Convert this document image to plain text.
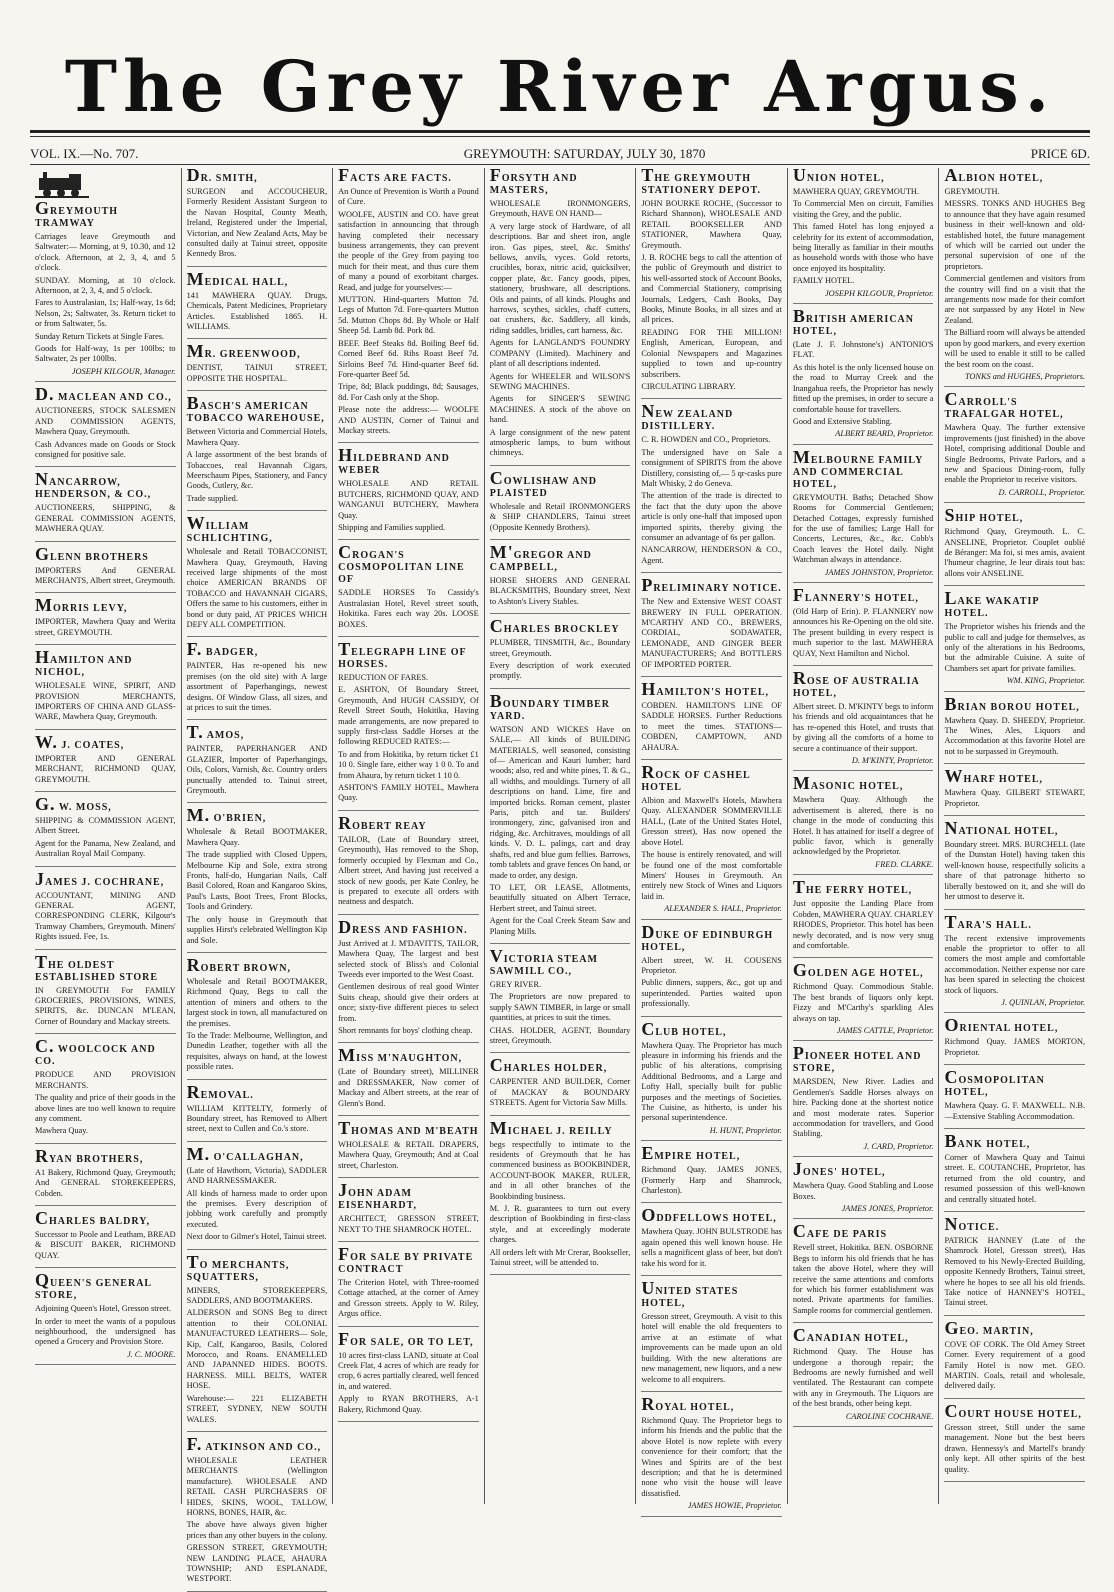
The Grey River Argus.
VOL. IX.—No. 707.	GREYMOUTH: SATURDAY, JULY 30, 1870	PRICE 6D.
GREYMOUTH TRAMWAY

Carriages leave Greymouth and Saltwater:— Morning, at 9, 10.30, and 12 o'clock. Afternoon, at 2, 3, 4, and 5 o'clock.

SUNDAY. Morning, at 10 o'clock. Afternoon, at 2, 3, 4, and 5 o'clock.

Fares to Australasian, 1s; Half-way, 1s 6d; Nelson, 2s; Saltwater, 3s. Return ticket to or from Saltwater, 5s.

Sunday Return Tickets at Single Fares.

Goods for Half-way, 1s per 100lbs; to Saltwater, 2s per 100lbs.

JOSEPH KILGOUR, Manager.
D. MACLEAN AND CO.,

AUCTIONEERS, STOCK SALESMEN AND COMMISSION AGENTS, Mawhera Quay, Greymouth.

Cash Advances made on Goods or Stock consigned for positive sale.

NANCARROW, HENDERSON, & CO.,

AUCTIONEERS, SHIPPING, & GENERAL COMMISSION AGENTS, MAWHERA QUAY.

GLENN BROTHERS

IMPORTERS And GENERAL MERCHANTS, Albert street, Greymouth.

MORRIS LEVY,

IMPORTER, Mawhera Quay and Werita street, GREYMOUTH.

HAMILTON AND NICHOL,

WHOLESALE WINE, SPIRIT, AND PROVISION MERCHANTS, IMPORTERS OF CHINA AND GLASS-WARE, Mawhera Quay, Greymouth.

W. J. COATES,

IMPORTER AND GENERAL MERCHANT, RICHMOND QUAY, GREYMOUTH.

G. W. MOSS,

SHIPPING & COMMISSION AGENT, Albert Street.

Agent for the Panama, New Zealand, and Australian Royal Mail Company.

JAMES J. COCHRANE,

ACCOUNTANT, MINING AND GENERAL AGENT, CORRESPONDING CLERK, Kilgour's Tramway Chambers, Greymouth. Miners' Rights issued. Fee, 1s.

THE OLDEST ESTABLISHED STORE

IN GREYMOUTH For FAMILY GROCERIES, PROVISIONS, WINES, SPIRITS, &c. DUNCAN M'LEAN, Corner of Boundary and Mackay streets.

C. WOOLCOCK AND CO.

PRODUCE AND PROVISION MERCHANTS.

The quality and price of their goods in the above lines are too well known to require any comment.

Mawhera Quay.

RYAN BROTHERS,

A1 Bakery, Richmond Quay, Greymouth; And GENERAL STOREKEEPERS, Cobden.

CHARLES BALDRY,

Successor to Poole and Leatham, BREAD & BISCUIT BAKER, RICHMOND QUAY.

QUEEN'S GENERAL STORE,

Adjoining Queen's Hotel, Gresson street.

In order to meet the wants of a populous neighbourhood, the undersigned has opened a Grocery and Provision Store.

J. C. MOORE.
DR. SMITH,

SURGEON and ACCOUCHEUR, Formerly Resident Assistant Surgeon to the Navan Hospital, County Meath, Ireland, Registered under the Imperial, Victorian, and New Zealand Acts, May be consulted daily at Tainui street, opposite Kennedy Bros.

MEDICAL HALL,

141 MAWHERA QUAY. Drugs, Chemicals, Patent Medicines, Proprietary Articles. Established 1865. H. WILLIAMS.

MR. GREENWOOD,

DENTIST, TAINUI STREET, OPPOSITE THE HOSPITAL.

BASCH'S AMERICAN TOBACCO WAREHOUSE,

Between Victoria and Commercial Hotels, Mawhera Quay.

A large assortment of the best brands of Tobaccoes, real Havannah Cigars, Meerschaum Pipes, Stationery, and Fancy Goods, Cutlery, &c.

Trade supplied.

WILLIAM SCHLICHTING,

Wholesale and Retail TOBACCONIST, Mawhera Quay, Greymouth, Having received large shipments of the most choice AMERICAN BRANDS OF TOBACCO and HAVANNAH CIGARS, Offers the same to his customers, either in bond or duty paid, AT PRICES WHICH DEFY ALL COMPETITION.

F. BADGER,

PAINTER, Has re-opened his new premises (on the old site) with A large assortment of Paperhangings, newest designs. Of Window Glass, all sizes, and at prices to suit the times.

T. AMOS,

PAINTER, PAPERHANGER AND GLAZIER, Importer of Paperhangings, Oils, Colors, Varnish, &c. Country orders punctually attended to. Tainui street, Greymouth.

M. O'BRIEN,

Wholesale & Retail BOOTMAKER, Mawhera Quay.

The trade supplied with Closed Uppers, Melbourne Kip and Sole, extra strong Fronts, half-do, Hungarian Nails, Calf Basil Colored, Roan and Kangaroo Skins, Paul's Lasts, Boot Trees, Front Blocks, Tools and Grindery.

The only house in Greymouth that supplies Hirst's celebrated Wellington Kip and Sole.

ROBERT BROWN,

Wholesale and Retail BOOTMAKER, Richmond Quay, Begs to call the attention of miners and others to the largest stock in town, all manufactured on the premises.

To the Trade: Melbourne, Wellington, and Dunedin Leather, together with all the requisites, always on hand, at the lowest possible rates.

REMOVAL.

WILLIAM KITTELTY, formerly of Boundary street, has Removed to Albert street, next to Cullen and Co.'s store.

M. O'CALLAGHAN,

(Late of Hawthorn, Victoria), SADDLER AND HARNESSMAKER.

All kinds of harness made to order upon the premises. Every description of jobbing work carefully and promptly executed.

Next door to Gilmer's Hotel, Tainui street.

TO MERCHANTS, SQUATTERS,

MINERS, STOREKEEPERS, SADDLERS, AND BOOTMAKERS.

ALDERSON and SONS Beg to direct attention to their COLONIAL MANUFACTURED LEATHERS— Sole, Kip, Calf, Kangaroo, Basils, Colored Morocco, and Roans. ENAMELLED AND JAPANNED HIDES. BOOTS. HARNESS. MILL BELTS, WATER HOSE.

Warehouse:— 221 ELIZABETH STREET, SYDNEY, NEW SOUTH WALES.

F. ATKINSON AND CO.,

WHOLESALE LEATHER MERCHANTS (Wellington manufacture). WHOLESALE AND RETAIL CASH PURCHASERS OF HIDES, SKINS, WOOL, TALLOW, HORNS, BONES, HAIR, &c.

The above have always given higher prices than any other buyers in the colony.

GRESSON STREET, GREYMOUTH; NEW LANDING PLACE, AHAURA TOWNSHIP; AND ESPLANADE, WESTPORT.

FACTS ARE FACTS.

An Ounce of Prevention is Worth a Pound of Cure.

WOOLFE, AUSTIN and CO. have great satisfaction in announcing that through having completed their necessary business arrangements, they can prevent the people of the Grey from paying too much for their meat, and thus cure them of many a pound of exorbitant charges. Read, and judge for yourselves:—

MUTTON. Hind-quarters Mutton 7d. Legs of Mutton 7d. Fore-quarters Mutton 5d. Mutton Chops 8d. By Whole or Half Sheep 5d. Lamb 8d. Pork 8d.

BEEF. Beef Steaks 8d. Boiling Beef 6d. Corned Beef 6d. Ribs Roast Beef 7d. Sirloins Beef 7d. Hind-quarter Beef 6d. Fore-quarter Beef 5d.

Tripe, 8d; Black puddings, 8d; Sausages, 8d. For Cash only at the Shop.

Please note the address:— WOOLFE AND AUSTIN, Corner of Tainui and Mackay streets.

HILDEBRAND AND WEBER

WHOLESALE AND RETAIL BUTCHERS, RICHMOND QUAY, AND WANGANUI BUTCHERY, Mawhera Quay.

Shipping and Families supplied.

CROGAN'S COSMOPOLITAN LINE OF

SADDLE HORSES To Cassidy's Australasian Hotel, Revel street south, Hokitika. Fares each way 20s. LOOSE BOXES.

TELEGRAPH LINE OF HORSES.

REDUCTION OF FARES.

E. ASHTON, Of Boundary Street, Greymouth, And HUGH CASSIDY, Of Revell Street South, Hokitika, Having made arrangements, are now prepared to supply first-class Saddle Horses at the following REDUCED RATES:—

To and from Hokitika, by return ticket £1 10 0. Single fare, either way 1 0 0. To and from Ahaura, by return ticket 1 10 0.

ASHTON'S FAMILY HOTEL, Mawhera Quay.

ROBERT REAY

TAILOR, (Late of Boundary street, Greymouth), Has removed to the Shop, formerly occupied by Flexman and Co., Albert street, And having just received a stock of new goods, per Kate Conley, he is prepared to execute all orders with neatness and despatch.

DRESS AND FASHION.

Just Arrived at J. M'DAVITTS, TAILOR, Mawhera Quay, The largest and best selected stock of Bliss's and Colonial Tweeds ever imported to the West Coast.

Gentlemen desirous of real good Winter Suits cheap, should give their orders at once; sixty-five different pieces to select from.

Short remnants for boys' clothing cheap.

MISS M'NAUGHTON,

(Late of Boundary street), MILLINER and DRESSMAKER, Now corner of Mackay and Albert streets, at the rear of Glenn's Bond.

THOMAS AND M'BEATH

WHOLESALE & RETAIL DRAPERS, Mawhera Quay, Greymouth; And at Coal street, Charleston.

JOHN ADAM EISENHARDT,

ARCHITECT, GRESSON STREET, NEXT TO THE SHAMROCK HOTEL.

FOR SALE BY PRIVATE CONTRACT

The Criterion Hotel, with Three-roomed Cottage attached, at the corner of Arney and Gresson streets. Apply to W. Riley, Argus office.

FOR SALE, OR TO LET,

10 acres first-class LAND, situate at Coal Creek Flat, 4 acres of which are ready for crop, 6 acres partially cleared, well fenced in, and watered.

Apply to RYAN BROTHERS, A-1 Bakery, Richmond Quay.

FORSYTH AND MASTERS,

WHOLESALE IRONMONGERS, Greymouth, HAVE ON HAND—

A very large stock of Hardware, of all descriptions. Bar and sheet iron, angle iron. Gas pipes, steel, &c. Smiths' bellows, anvils, vyces. Gold retorts, crucibles, borax, nitric acid, quicksilver, copper plate, &c. Fancy goods, pipes, stationery, brushware, all descriptions. Oils and paints, of all kinds. Ploughs and harrows, scythes, sickles, chaff cutters, oat crushers, &c. Saddlery, all kinds, riding saddles, bridles, cart harness, &c.

Agents for LANGLAND'S FOUNDRY COMPANY (Limited). Machinery and plant of all descriptions indented.

Agents for WHEELER and WILSON'S SEWING MACHINES.

Agents for SINGER'S SEWING MACHINES. A stock of the above on hand.

A large consignment of the new patent atmospheric lamps, to burn without chimneys.

COWLISHAW AND PLAISTED

Wholesale and Retail IRONMONGERS & SHIP CHANDLERS, Tainui street (Opposite Kennedy Brothers).

M'GREGOR AND CAMPBELL,

HORSE SHOERS AND GENERAL BLACKSMITHS, Boundary street, Next to Ashton's Livery Stables.

CHARLES BROCKLEY

PLUMBER, TINSMITH, &c., Boundary street, Greymouth.

Every description of work executed promptly.

BOUNDARY TIMBER YARD.

WATSON AND WICKES Have on SALE,— All kinds of BUILDING MATERIALS, well seasoned, consisting of— American and Kauri lumber; hard woods; also, red and white pines, T. & G., all widths, and mouldings. Turnery of all descriptions on hand. Lime, fire and imported bricks. Roman cement, plaster Paris, pitch and tar. Builders' ironmongery, zinc, galvanised iron and ridging, &c. Architraves, mouldings of all kinds. V. D. L. palings, cart and dray shafts, red and blue gum fellies. Barrows, tomb tablets and grave fences On hand, or made to order, any design.

TO LET, OR LEASE, Allotments, beautifully situated on Albert Terrace, Herbert street, and Tainui street.

Agent for the Coal Creek Steam Saw and Planing Mills.

VICTORIA STEAM SAWMILL CO.,

GREY RIVER.

The Proprietors are now prepared to supply SAWN TIMBER, in large or small quantities, at prices to suit the times.

CHAS. HOLDER, AGENT, Boundary street, Greymouth.

CHARLES HOLDER,

CARPENTER AND BUILDER, Corner of MACKAY & BOUNDARY STREETS. Agent for Victoria Saw Mills.

MICHAEL J. REILLY

begs respectfully to intimate to the residents of Greymouth that he has commenced business as BOOKBINDER, ACCOUNT-BOOK MAKER, RULER, and in all other branches of the Bookbinding business.

M. J. R. guarantees to turn out every description of Bookbinding in first-class style, and at exceedingly moderate charges.

All orders left with Mr Crerar, Bookseller, Tainui street, will be attended to.

THE GREYMOUTH STATIONERY DEPOT.

JOHN BOURKE ROCHE, (Successor to Richard Shannon), WHOLESALE AND RETAIL BOOKSELLER AND STATIONER, Mawhera Quay, Greymouth.

J. B. ROCHE begs to call the attention of the public of Greymouth and district to his well-assorted stock of Account Books, and Commercial Stationery, comprising Journals, Ledgers, Cash Books, Day Books, Minute Books, in all sizes and at all prices.

READING FOR THE MILLION! English, American, European, and Colonial Newspapers and Magazines supplied to town and up-country subscribers.

CIRCULATING LIBRARY.

NEW ZEALAND DISTILLERY.

C. R. HOWDEN and CO., Proprietors.

The undersigned have on Sale a consignment of SPIRITS from the above Distillery, consisting of,— 5 qr-casks pure Malt Whisky, 2 do Geneva.

The attention of the trade is directed to the fact that the duty upon the above article is only one-half that imposed upon imported spirits, thereby giving the consumer an advantage of 6s per gallon.

NANCARROW, HENDERSON & CO., Agent.

PRELIMINARY NOTICE.

The New and Extensive WEST COAST BREWERY IN FULL OPERATION. M'CARTHY AND CO., BREWERS, CORDIAL, SODAWATER, LEMONADE, AND GINGER BEER MANUFACTURERS; And BOTTLERS OF IMPORTED PORTER.

HAMILTON'S HOTEL,

COBDEN. HAMILTON'S LINE OF SADDLE HORSES. Further Reductions to meet the times. STATIONS—COBDEN, CAMPTOWN, AND AHAURA.

ROCK OF CASHEL HOTEL

Albion and Maxwell's Hotels, Mawhera Quay. ALEXANDER SOMMERVILLE HALL, (Late of the United States Hotel, Gresson street), Has now opened the above Hotel.

The house is entirely renovated, and will be found one of the most comfortable Miners' Houses in Greymouth. An entirely new Stock of Wines and Liquors laid in.

ALEXANDER S. HALL, Proprietor.
DUKE OF EDINBURGH HOTEL,

Albert street, W. H. COUSENS Proprietor.

Public dinners, suppers, &c., got up and superintended. Parties waited upon professionally.

CLUB HOTEL,

Mawhera Quay. The Proprietor has much pleasure in informing his friends and the public of his alterations, comprising Additional Bedrooms, and a Large and Lofty Hall, specially built for public purposes and the meetings of Societies. The Cuisine, as hitherto, is under his personal superintendence.

H. HUNT, Proprietor.
EMPIRE HOTEL,

Richmond Quay. JAMES JONES, (Formerly Harp and Shamrock, Charleston).

ODDFELLOWS HOTEL,

Mawhera Quay. JOHN BULSTRODE has again opened this well known house. He sells a magnificent glass of beer, but don't take his word for it.

UNITED STATES HOTEL,

Gresson street, Greymouth. A visit to this hotel will enable the old frequenters to arrive at an estimate of what improvements can be made upon an old building. With the new alterations are new management, new liquors, and a new welcome to all enquirers.

ROYAL HOTEL,

Richmond Quay. The Proprietor begs to inform his friends and the public that the above Hotel is now replete with every convenience for their comfort; that the Wines and Spirits are of the best description; and that he is determined none who visit the house will leave dissatisfied.

JAMES HOWIE, Proprietor.
UNION HOTEL,

MAWHERA QUAY, GREYMOUTH.

To Commercial Men on circuit, Families visiting the Grey, and the public.

This famed Hotel has long enjoyed a celebrity for its extent of accommodation, being literally as familiar in their mouths as household words with those who have once enjoyed its hospitality.

FAMILY HOTEL.

JOSEPH KILGOUR, Proprietor.
BRITISH AMERICAN HOTEL,

(Late J. F. Johnstone's) ANTONIO'S FLAT.

As this hotel is the only licensed house on the road to Murray Creek and the Inangahua reefs, the Proprietor has newly fitted up the premises, in order to secure a comfortable house for travellers.

Good and Extensive Stabling.

ALBERT BEARD, Proprietor.
MELBOURNE FAMILY AND COMMERCIAL HOTEL,

GREYMOUTH. Baths; Detached Show Rooms for Commercial Gentlemen; Detached Cottages, expressly furnished for the use of families; Large Hall for Concerts, Lectures, &c., &c. Cobb's Coach leaves the Hotel daily. Night Watchman always in attendance.

JAMES JOHNSTON, Proprietor.
FLANNERY'S HOTEL,

(Old Harp of Erin). P. FLANNERY now announces his Re-Opening on the old site. The present building in every respect is much superior to the last. MAWHERA QUAY, Next Hamilton and Nichol.

ROSE OF AUSTRALIA HOTEL,

Albert street. D. M'KINTY begs to inform his friends and old acquaintances that he has re-opened this Hotel, and trusts that by giving all the comforts of a home to secure a continuance of their support.

D. M'KINTY, Proprietor.
MASONIC HOTEL,

Mawhera Quay. Although the advertisement is altered, there is no change in the mode of conducting this Hotel. It has attained for itself a degree of public favor, which is generally acknowledged by the Proprietor.

FRED. CLARKE.
THE FERRY HOTEL,

Just opposite the Landing Place from Cobden, MAWHERA QUAY. CHARLEY RHODES, Proprietor. This hotel has been newly decorated, and is now very snug and comfortable.

GOLDEN AGE HOTEL,

Richmond Quay. Commodious Stable. The best brands of liquors only kept. Fizzy and M'Carthy's sparkling Ales always on tap.

JAMES CATTLE, Proprietor.
PIONEER HOTEL AND STORE,

MARSDEN, New River. Ladies and Gentlemen's Saddle Horses always on hire. Packing done at the shortest notice and most moderate rates. Superior accommodation for travellers, and Good Stabling.

J. CARD, Proprietor.
JONES' HOTEL,

Mawhera Quay. Good Stabling and Loose Boxes.

JAMES JONES, Proprietor.
CAFE DE PARIS

Revell street, Hokitika. BEN. OSBORNE Begs to inform his old friends that he has taken the above Hotel, where they will receive the same attentions and comforts for which his former establishment was noted. Private apartments for families. Sample rooms for commercial gentlemen.

CANADIAN HOTEL,

Richmond Quay. The House has undergone a thorough repair; the Bedrooms are newly furnished and well ventilated. The Restaurant can compete with any in Greymouth. The Liquors are of the best brands, other being kept.

CAROLINE COCHRANE.
ALBION HOTEL,

GREYMOUTH.

MESSRS. TONKS AND HUGHES Beg to announce that they have again resumed business in their well-known and old-established hotel, the future management of which will be carried out under the personal supervision of one of the proprietors.

Commercial gentlemen and visitors from the country will find on a visit that the arrangements now made for their comfort are not surpassed by any Hotel in New Zealand.

The Billiard room will always be attended upon by good markers, and every exertion will be used to enable it still to be called the best room on the coast.

TONKS and HUGHES, Proprietors.
CARROLL'S TRAFALGAR HOTEL,

Mawhera Quay. The further extensive improvements (just finished) in the above Hotel, comprising additional Double and Single Bedrooms, Private Parlors, and a new and Spacious Dining-room, fully enable the Proprietor to receive visitors.

D. CARROLL, Proprietor.
SHIP HOTEL,

Richmond Quay, Greymouth. L. C. ANSELINE, Proprietor. Couplet oublié de Béranger: Ma foi, si mes amis, avaient l'humeur chagrine, Je leur dirais tout bas: allons voir ANSELINE.

LAKE WAKATIP HOTEL.

The Proprietor wishes his friends and the public to call and judge for themselves, as only of the alterations in his Bedrooms, but the admirable Cuisine. A suite of Chambers set apart for private families.

WM. KING, Proprietor.
BRIAN BOROU HOTEL,

Mawhera Quay. D. SHEEDY, Proprietor. The Wines, Ales, Liquors and Accommodation at this favorite Hotel are not to be surpassed in Greymouth.

WHARF HOTEL,

Mawhera Quay. GILBERT STEWART, Proprietor.

NATIONAL HOTEL,

Boundary street. MRS. BURCHELL (late of the Dunstan Hotel) having taken this well-known house, respectfully solicits a share of that patronage hitherto so liberally bestowed on it, and she will do her utmost to deserve it.

TARA'S HALL.

The recent extensive improvements enable the proprietor to offer to all comers the most ample and comfortable accommodation. Neither expense nor care has been spared in selecting the choicest stock of liquors.

J. QUINLAN, Proprietor.
ORIENTAL HOTEL,

Richmond Quay. JAMES MORTON, Proprietor.

COSMOPOLITAN HOTEL,

Mawhera Quay. G. F. MAXWELL. N.B.—Extensive Stabling Accommodation.

BANK HOTEL,

Corner of Mawhera Quay and Tainui street. E. COUTANCHE, Proprietor, has returned from the old country, and resumed possession of this well-known and centrally situated hotel.

NOTICE.

PATRICK HANNEY (Late of the Shamrock Hotel, Gresson street), Has Removed to his Newly-Erected Building, opposite Kennedy Brothers, Tainui street, where he hopes to see all his old friends. Take notice of HANNEY'S HOTEL, Tainui street.

GEO. MARTIN,

COVE OF CORK. The Old Arney Street Corner. Every requirement of a good Family Hotel is now met. GEO. MARTIN. Coals, retail and wholesale, delivered daily.

COURT HOUSE HOTEL,

Gresson street, Still under the same management. None but the best beers drawn. Hennessy's and Martell's brandy only kept. All other spirits of the best quality.
